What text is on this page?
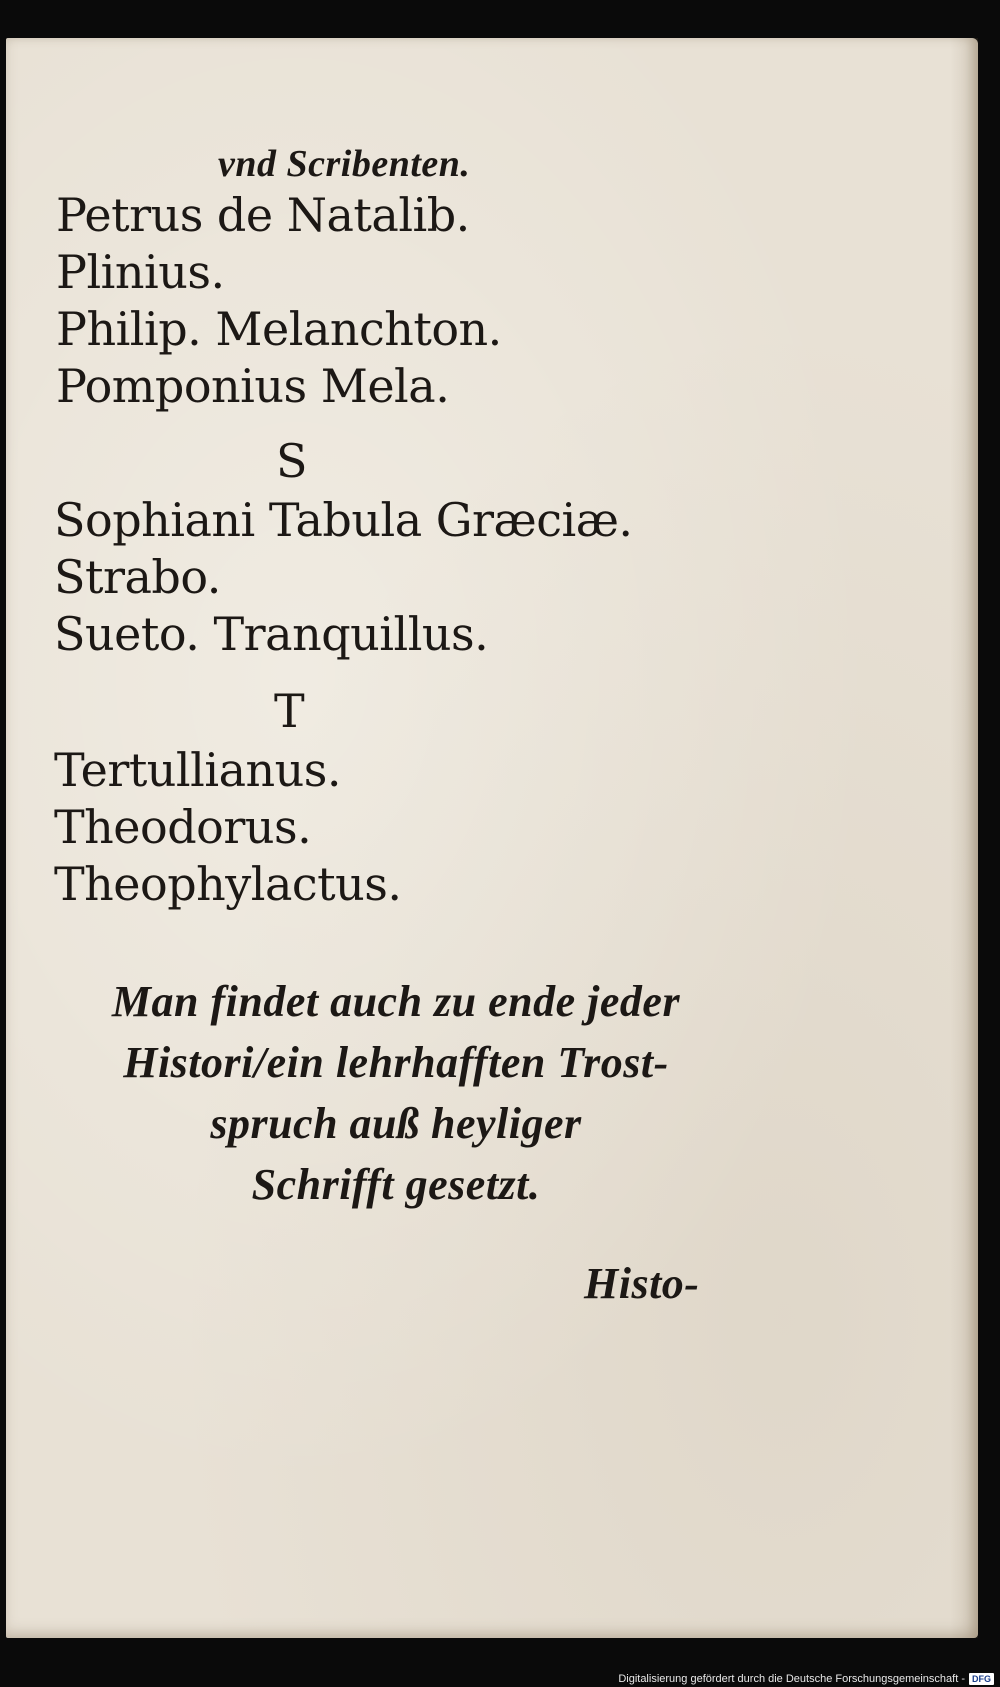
vnd Scribenten.
Petrus de Natalib.
Plinius.
Philip. Melanchton.
Pomponius Mela.
S
Sophiani Tabula Græciæ.
Strabo.
Sueto. Tranquillus.
T
Tertullianus.
Theodorus.
Theophylactus.
Man findet auch zu ende jeder
Histori/ein lehrhafften Trost-
spruch auß heyliger
Schrifft gesetzt.
Histo-
Digitalisierung gefördert durch die Deutsche Forschungsgemeinschaft - DFG
